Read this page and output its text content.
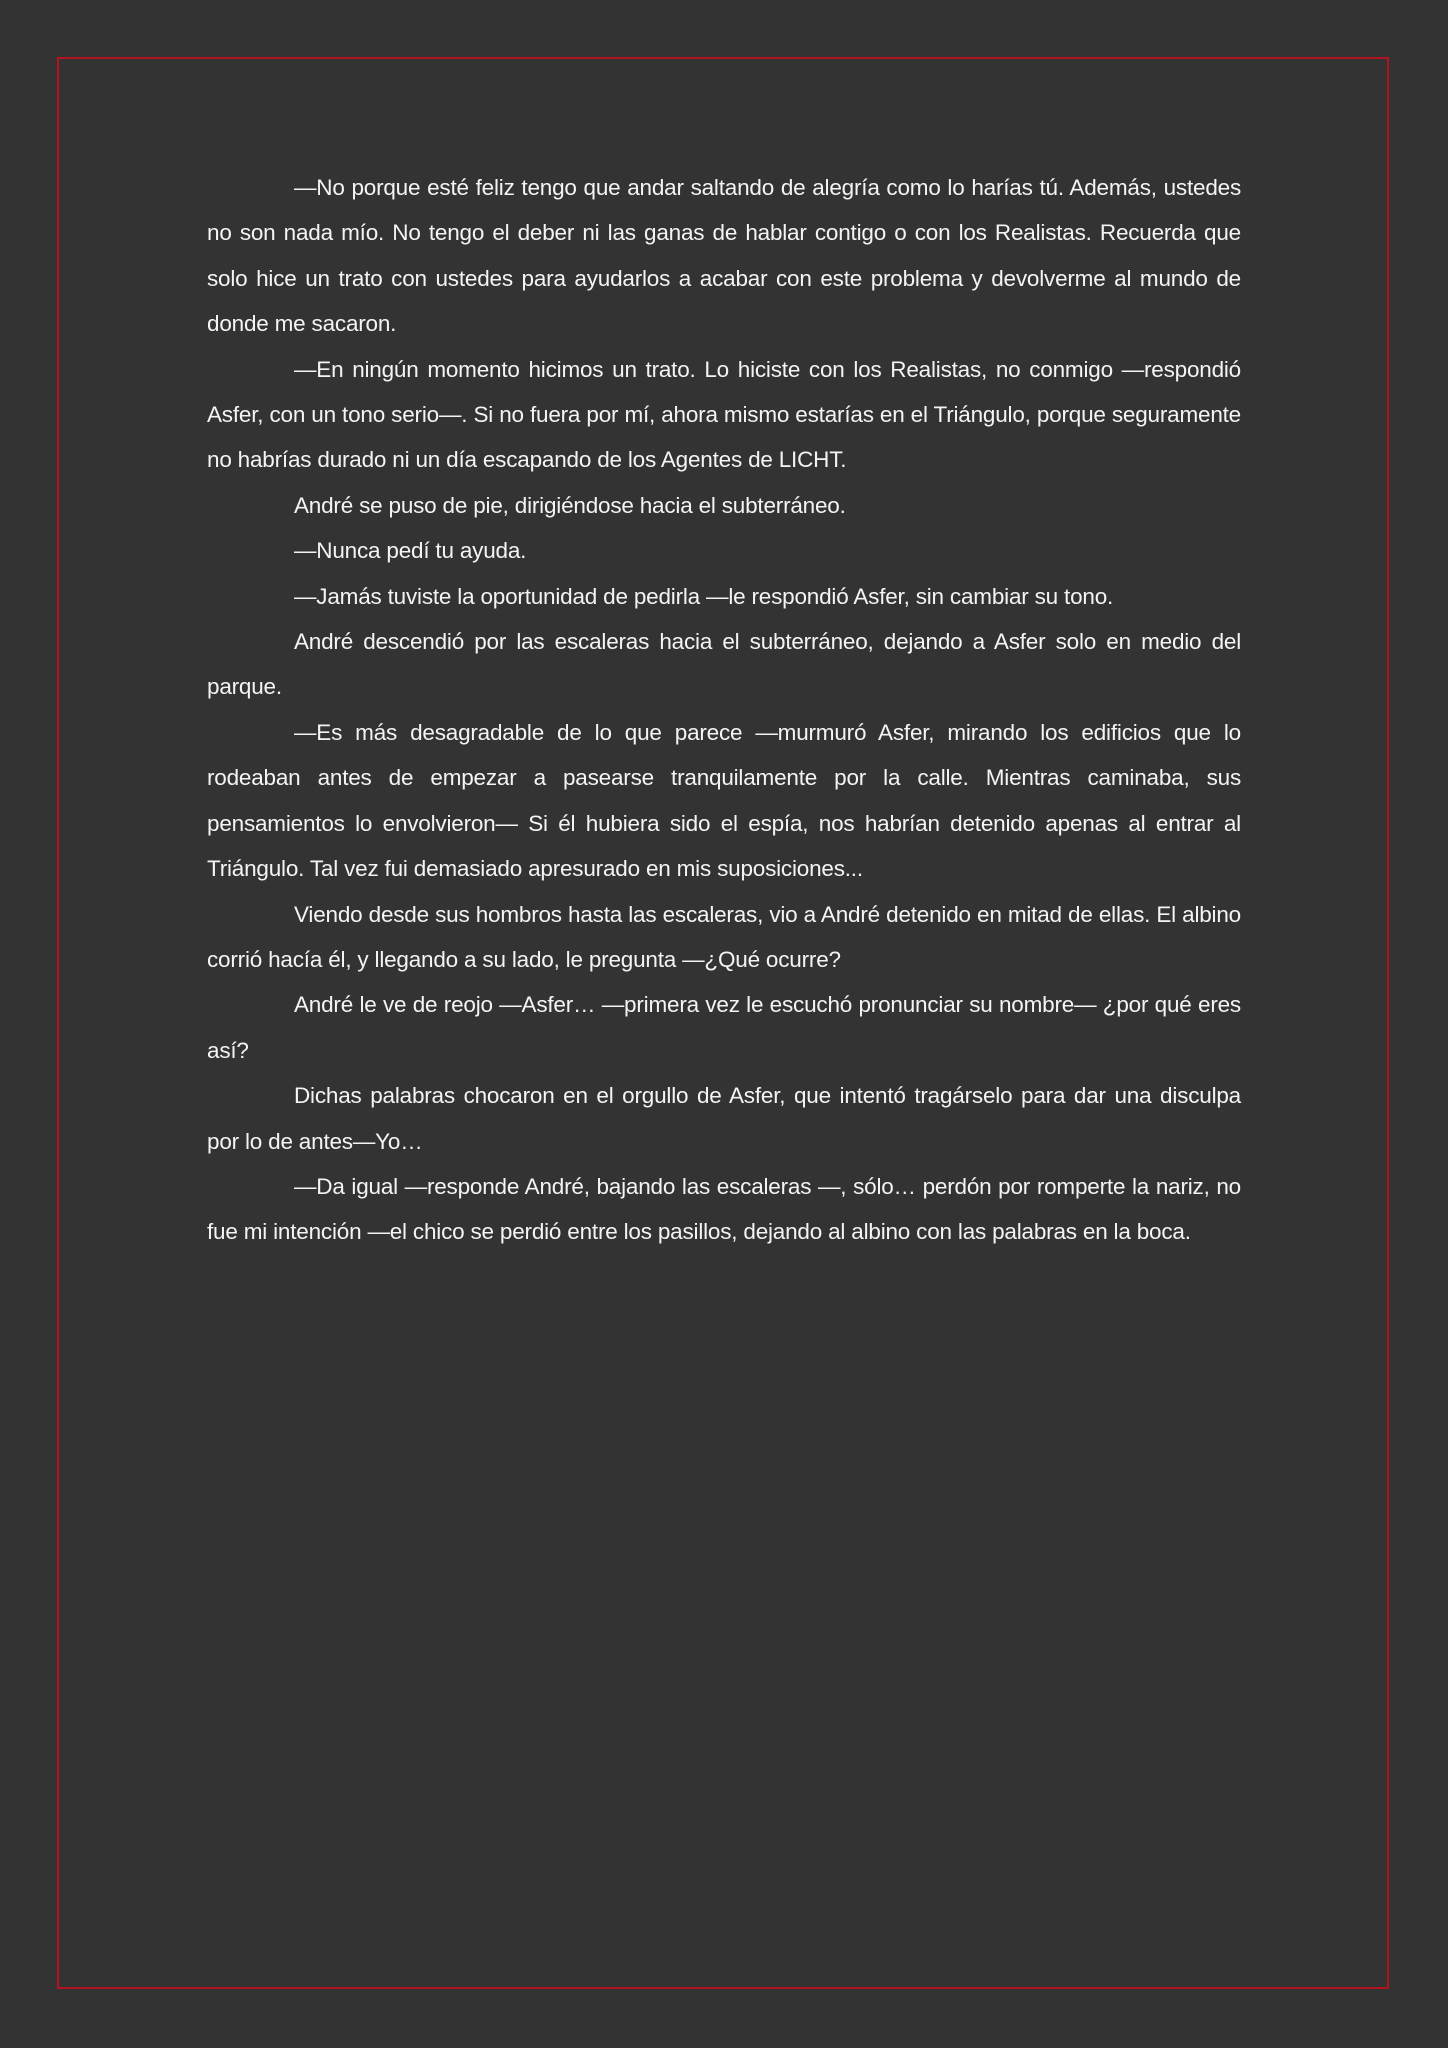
—No porque esté feliz tengo que andar saltando de alegría como lo harías tú. Además, ustedes no son nada mío. No tengo el deber ni las ganas de hablar contigo o con los Realistas. Recuerda que solo hice un trato con ustedes para ayudarlos a acabar con este problema y devolverme al mundo de donde me sacaron.

—En ningún momento hicimos un trato. Lo hiciste con los Realistas, no conmigo —respondió Asfer, con un tono serio—. Si no fuera por mí, ahora mismo estarías en el Triángulo, porque seguramente no habrías durado ni un día escapando de los Agentes de LICHT.

André se puso de pie, dirigiéndose hacia el subterráneo.

—Nunca pedí tu ayuda.

—Jamás tuviste la oportunidad de pedirla —le respondió Asfer, sin cambiar su tono.

André descendió por las escaleras hacia el subterráneo, dejando a Asfer solo en medio del parque.

—Es más desagradable de lo que parece —murmuró Asfer, mirando los edificios que lo rodeaban antes de empezar a pasearse tranquilamente por la calle. Mientras caminaba, sus pensamientos lo envolvieron— Si él hubiera sido el espía, nos habrían detenido apenas al entrar al Triángulo. Tal vez fui demasiado apresurado en mis suposiciones...

Viendo desde sus hombros hasta las escaleras, vio a André detenido en mitad de ellas. El albino corrió hacía él, y llegando a su lado, le pregunta —¿Qué ocurre?

André le ve de reojo —Asfer… —primera vez le escuchó pronunciar su nombre— ¿por qué eres así?

Dichas palabras chocaron en el orgullo de Asfer, que intentó tragárselo para dar una disculpa por lo de antes—Yo…

—Da igual —responde André, bajando las escaleras —, sólo… perdón por romperte la nariz, no fue mi intención —el chico se perdió entre los pasillos, dejando al albino con las palabras en la boca.
